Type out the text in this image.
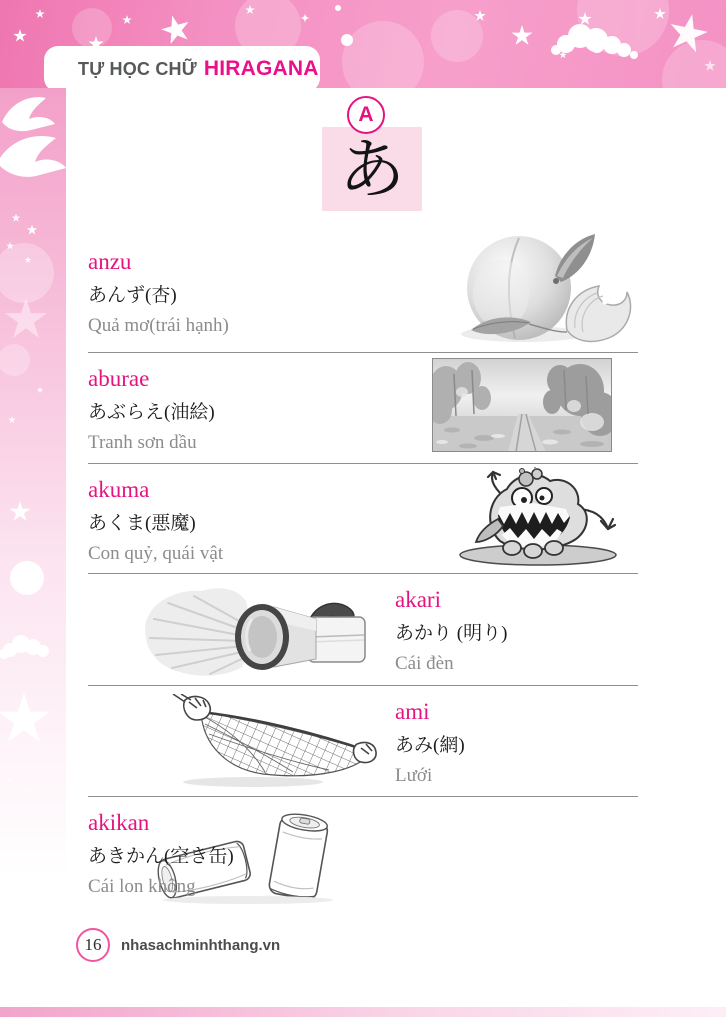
TỰ HỌC CHỮ HIRAGANA
あ
A
anzu
あんず(杏)
Quả mơ(trái hạnh)
aburae
あぶらえ(油絵)
Tranh sơn dầu
akuma
あくま(悪魔)
Con quỷ, quái vật
akari
あかり (明り)
Cái đèn
ami
あみ(網)
Lưới
akikan
あきかん(空き缶)
Cái lon không
16 nhasachminhthang.vn
